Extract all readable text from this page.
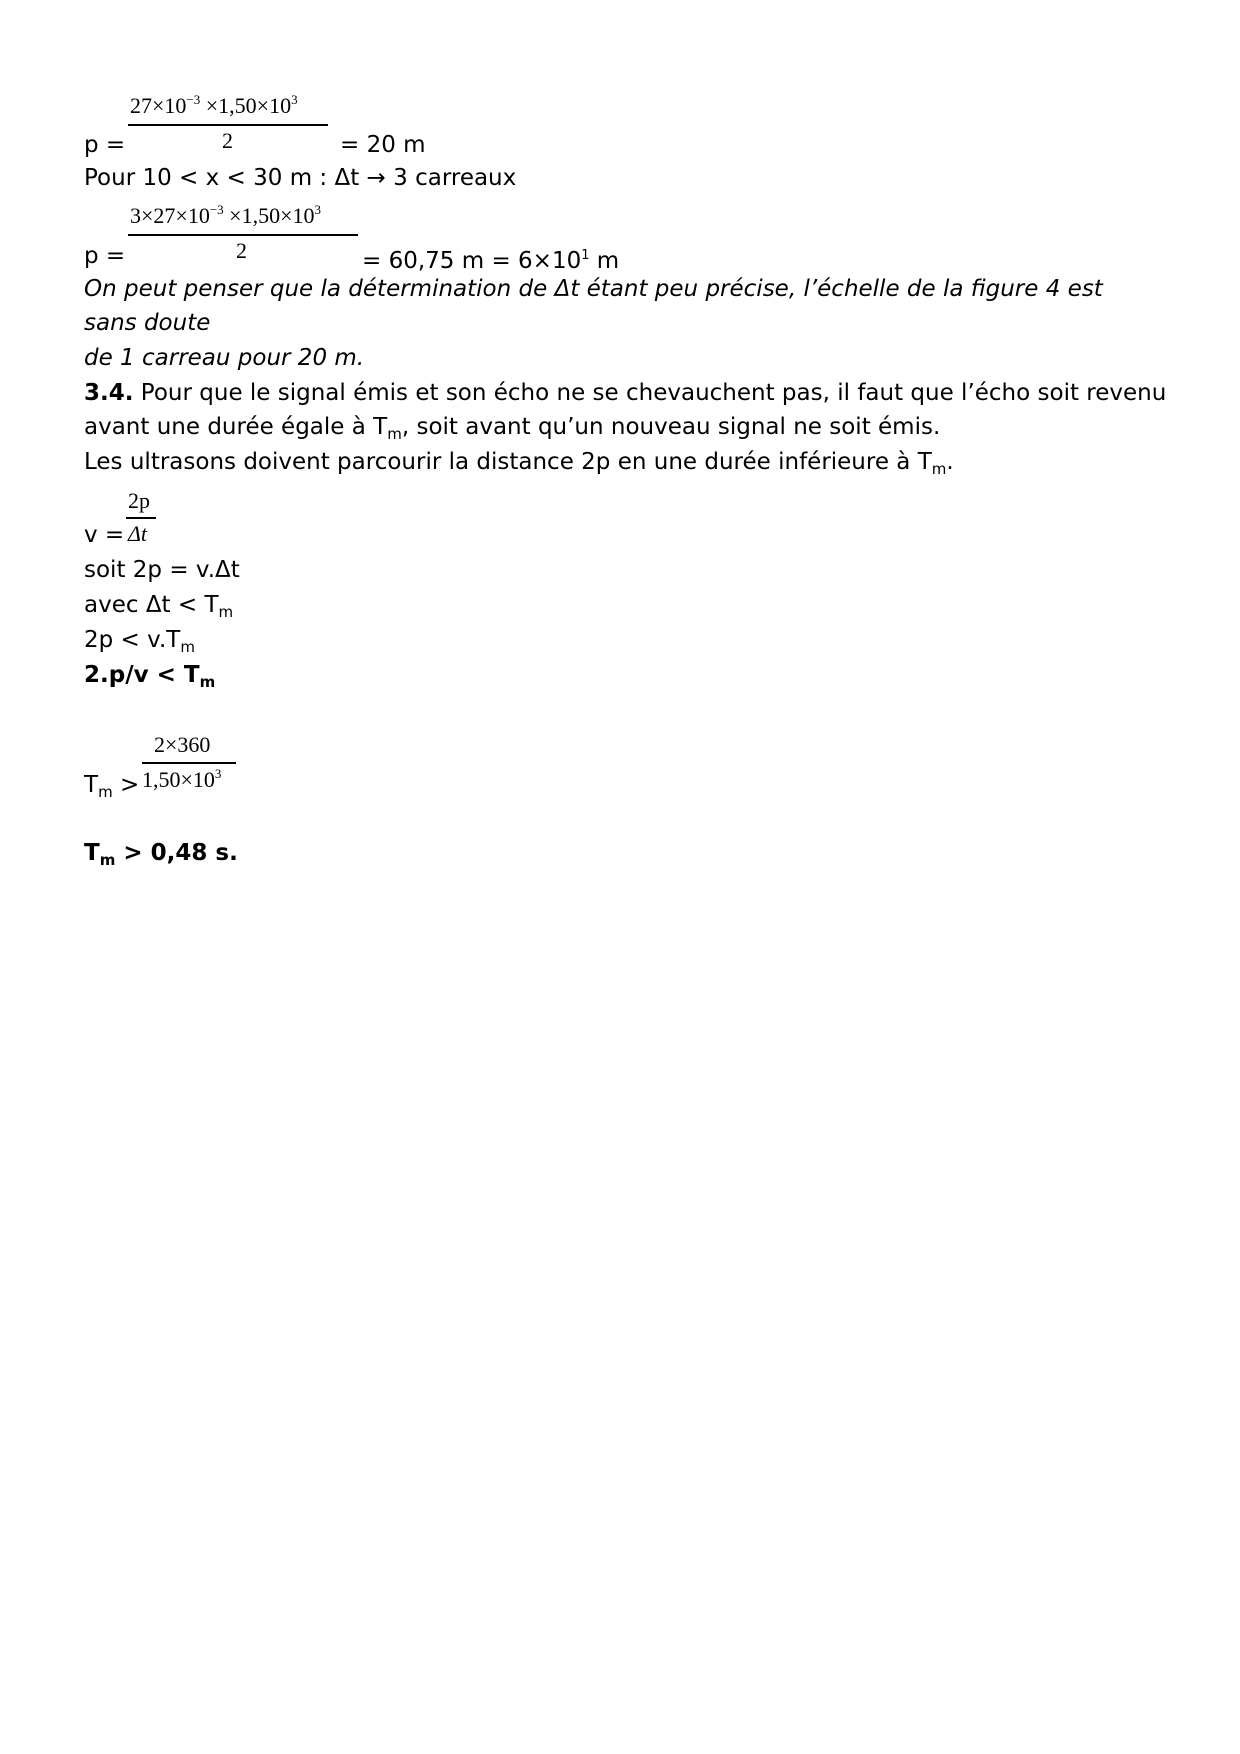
$27\times 10^{-3} \times 1,50\times 10^3$
2
p =	= 20 m
Pour 10 < x < 30 m : Δt → 3 carreaux
$3\times 27\times 10^{-3} \times 1,50\times 10^3$
2
p =	= 60,75 $m = 6\times 10^1$ m
On peut penser que la détermination de Δt étant peu précise, l’échelle de la figure 4 est
sans doute
de 1 carreau pour 20 m.
3.4. Pour que le signal émis et son écho ne se chevauchent pas, il faut que l’écho soit revenu
avant une durée égale à $T_m$, soit avant qu’un nouveau signal ne soit émis.
Les ultrasons doivent parcourir la distance 2p en une durée inférieure à $T_m$.
2p
Δt
v =
soit 2p = v.Δt
avec $\Delta t < T_m$
$2p < v.T_m$
$2.p/v < T_m$
2×360
$1,50\times 10^3$
$T_m$ >
$T_m > 0,48$ s.
